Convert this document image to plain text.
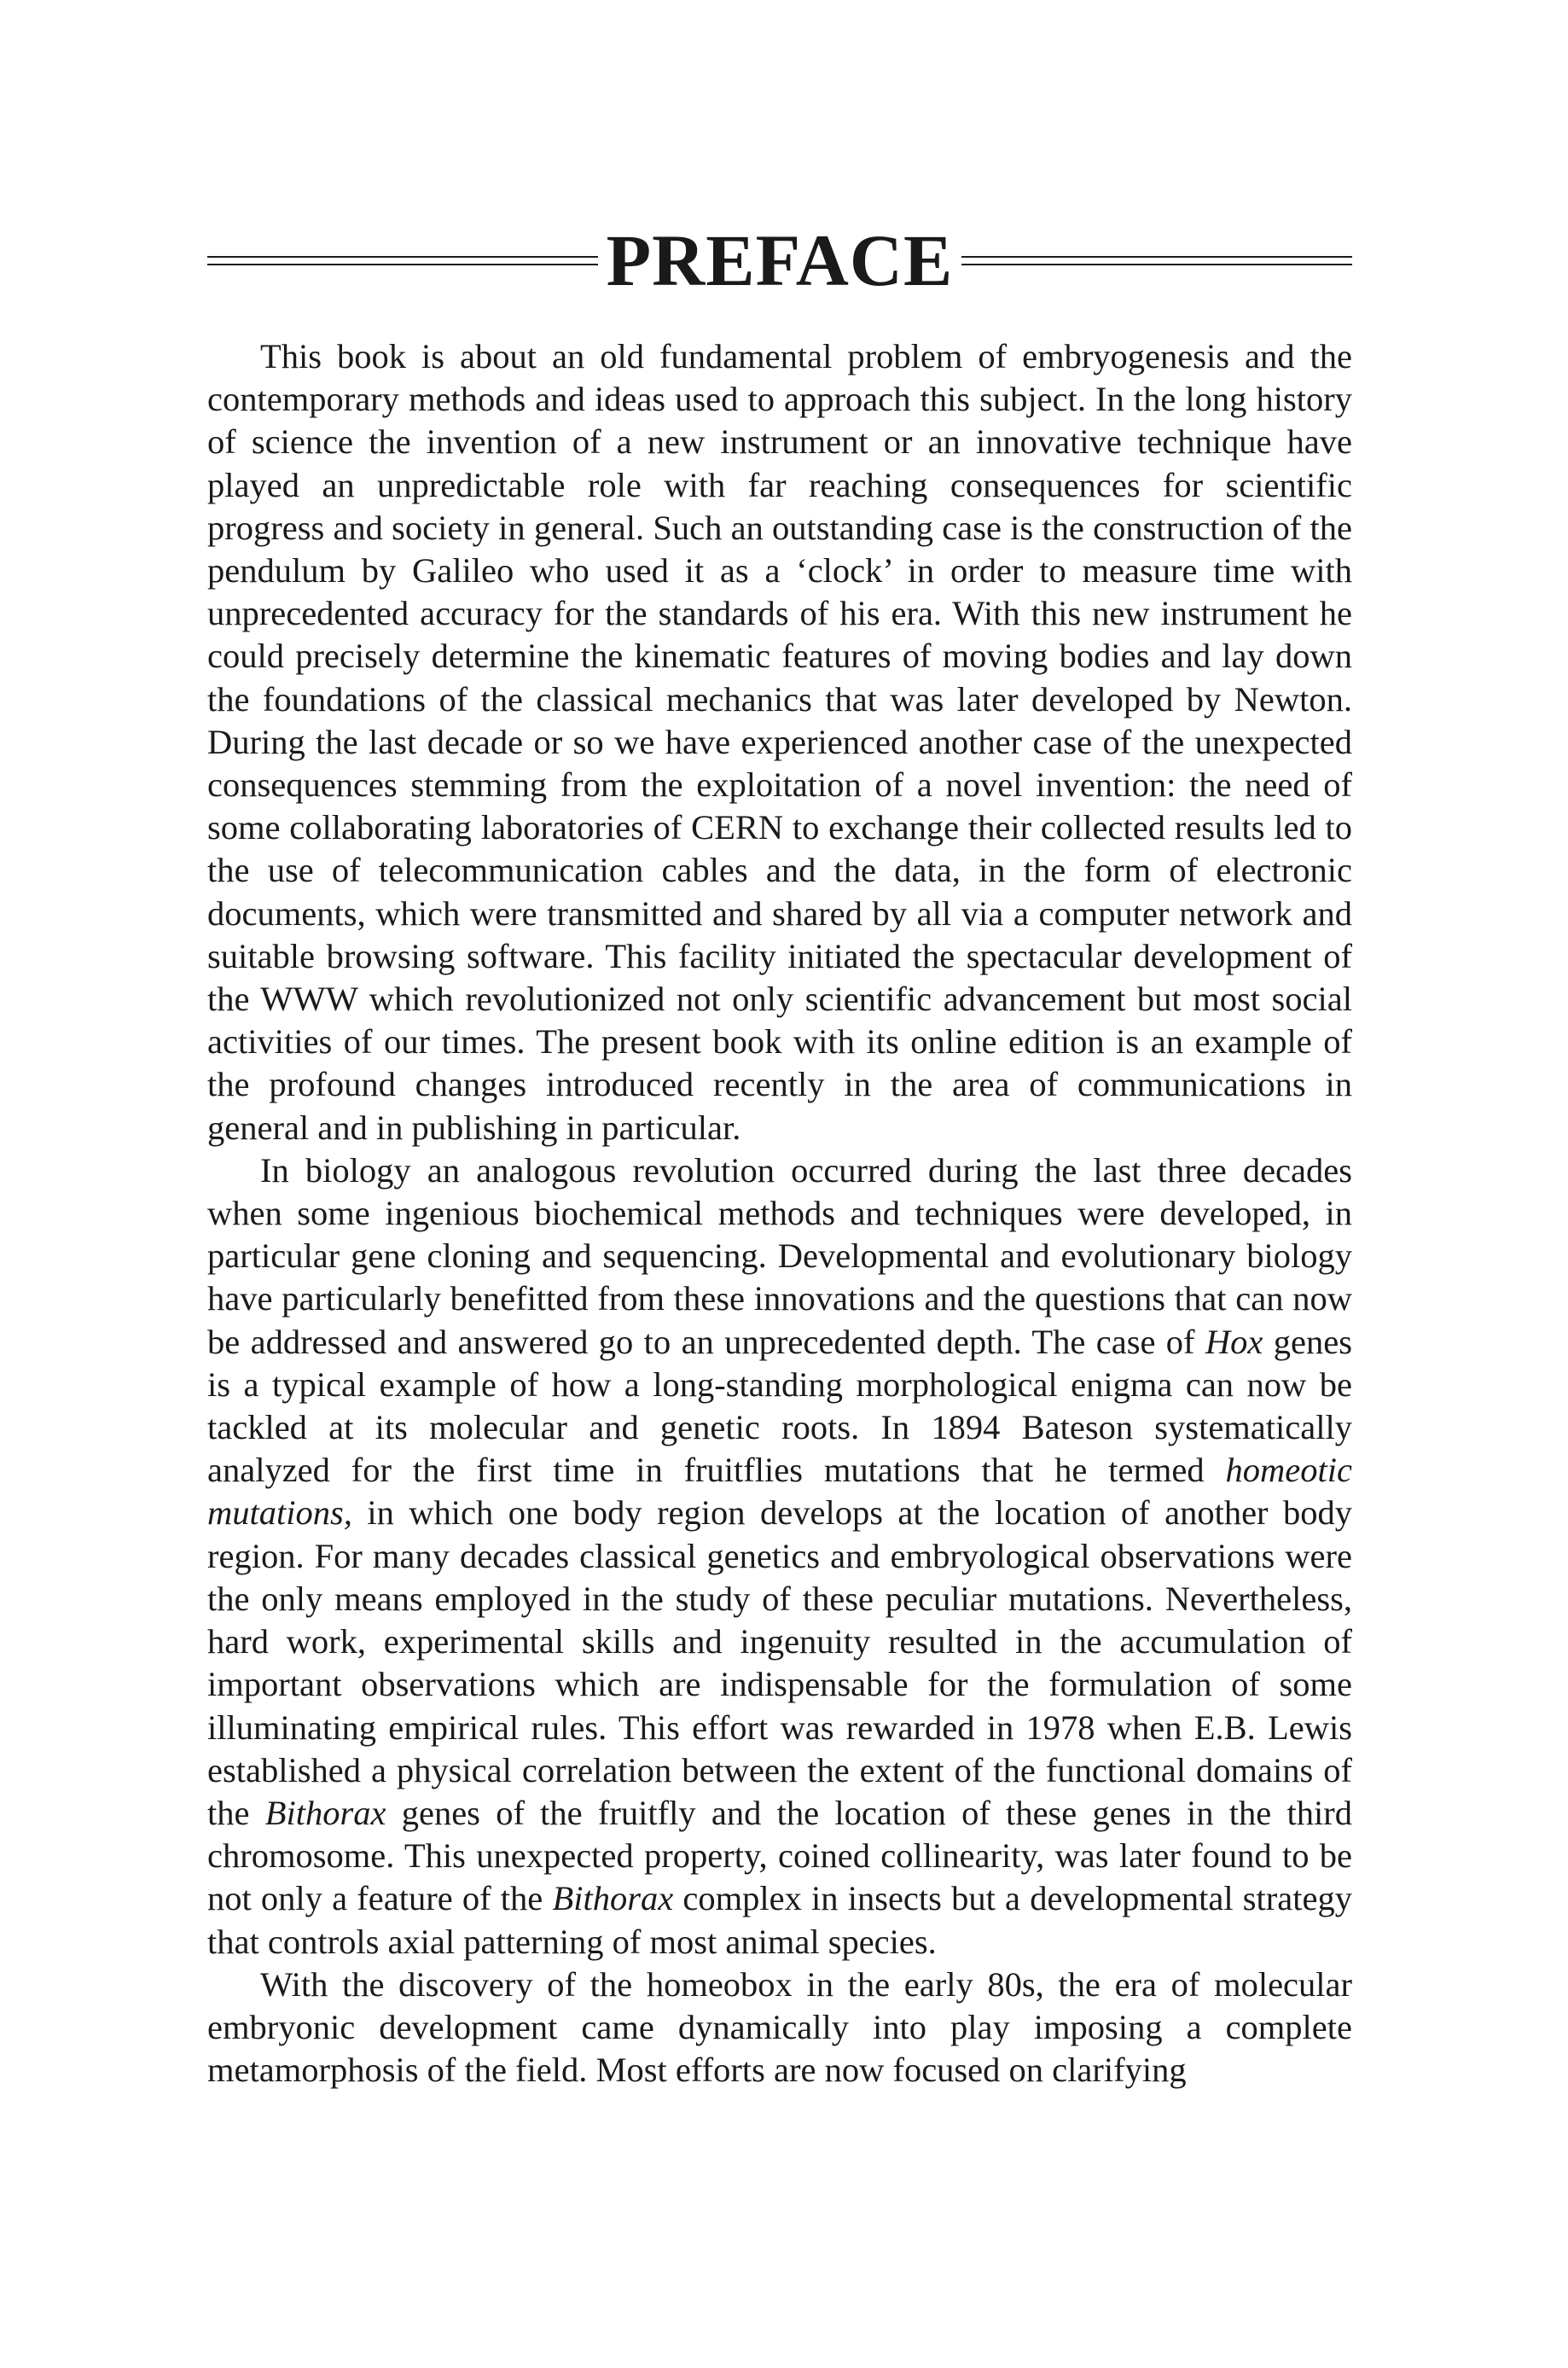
PREFACE

This book is about an old fundamental problem of embryogenesis and the contemporary methods and ideas used to approach this subject. In the long history of science the invention of a new instrument or an innovative technique have played an unpredictable role with far reaching consequences for scientific progress and society in general. Such an outstanding case is the construction of the pendulum by Galileo who used it as a ‘clock’ in order to measure time with unprecedented accuracy for the standards of his era. With this new instrument he could precisely determine the kinematic features of moving bodies and lay down the foundations of the classical mechanics that was later developed by Newton. During the last decade or so we have experienced another case of the unexpected consequences stemming from the exploitation of a novel invention: the need of some collaborating laboratories of CERN to exchange their collected results led to the use of telecommunication cables and the data, in the form of electronic documents, which were transmitted and shared by all via a computer network and suitable browsing software. This facility initiated the spectacular development of the WWW which revolutionized not only scientific advancement but most social activities of our times. The present book with its online edition is an example of the profound changes introduced recently in the area of communications in general and in publishing in particular.

In biology an analogous revolution occurred during the last three decades when some ingenious biochemical methods and techniques were developed, in particular gene cloning and sequencing. Developmental and evolutionary biology have particularly benefitted from these innovations and the questions that can now be addressed and answered go to an unprecedented depth. The case of Hox genes is a typical example of how a long-standing morphological enigma can now be tackled at its molecular and genetic roots. In 1894 Bateson systematically analyzed for the first time in fruitflies mutations that he termed homeotic mutations, in which one body region develops at the location of another body region. For many decades classical genetics and embryological observations were the only means employed in the study of these peculiar mutations. Nevertheless, hard work, experimental skills and ingenuity resulted in the accumulation of important observations which are indispensable for the formulation of some illuminating empirical rules. This effort was rewarded in 1978 when E.B. Lewis established a physical correlation between the extent of the functional domains of the Bithorax genes of the fruitfly and the location of these genes in the third chromosome. This unexpected property, coined collinearity, was later found to be not only a feature of the Bithorax complex in insects but a developmental strategy that controls axial patterning of most animal species.

With the discovery of the homeobox in the early 80s, the era of molecular embryonic development came dynamically into play imposing a complete metamorphosis of the field. Most efforts are now focused on clarifying
